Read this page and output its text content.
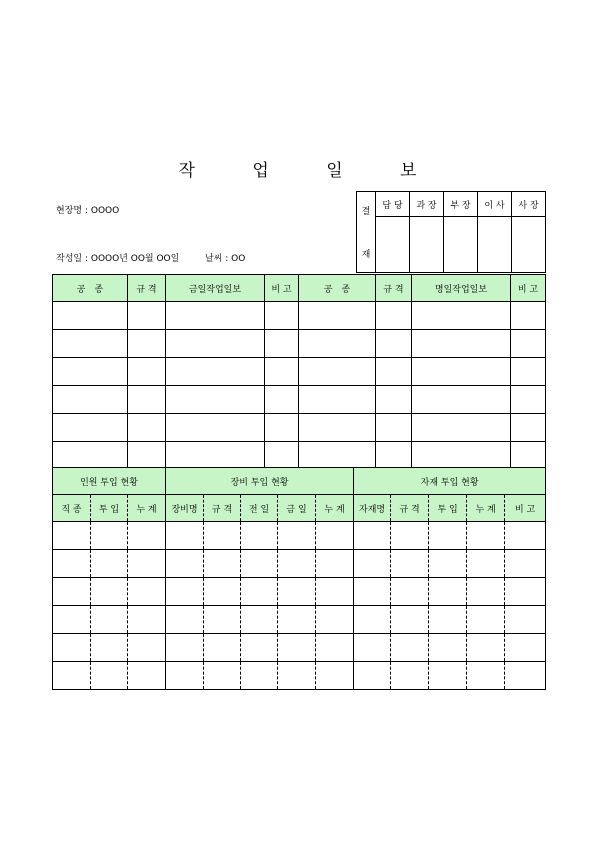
작 업 일 보
현장명 : OOOO
작성일 : OOOO년 OO월 OO일	날씨 : OO
결
재	담 당	과 장	부 장	이 사	사 장

공　종	규 격	금일작업일보	비 고	공　종	규 격	명일작업일보	비 고

인원 투입 현황			장비 투입 현황					자재 투입 현황				
직 종	투 입	누 계	장비명	규 격	전 일	금 일	누 계	자재명	규 격	투 입	누 계	비 고
